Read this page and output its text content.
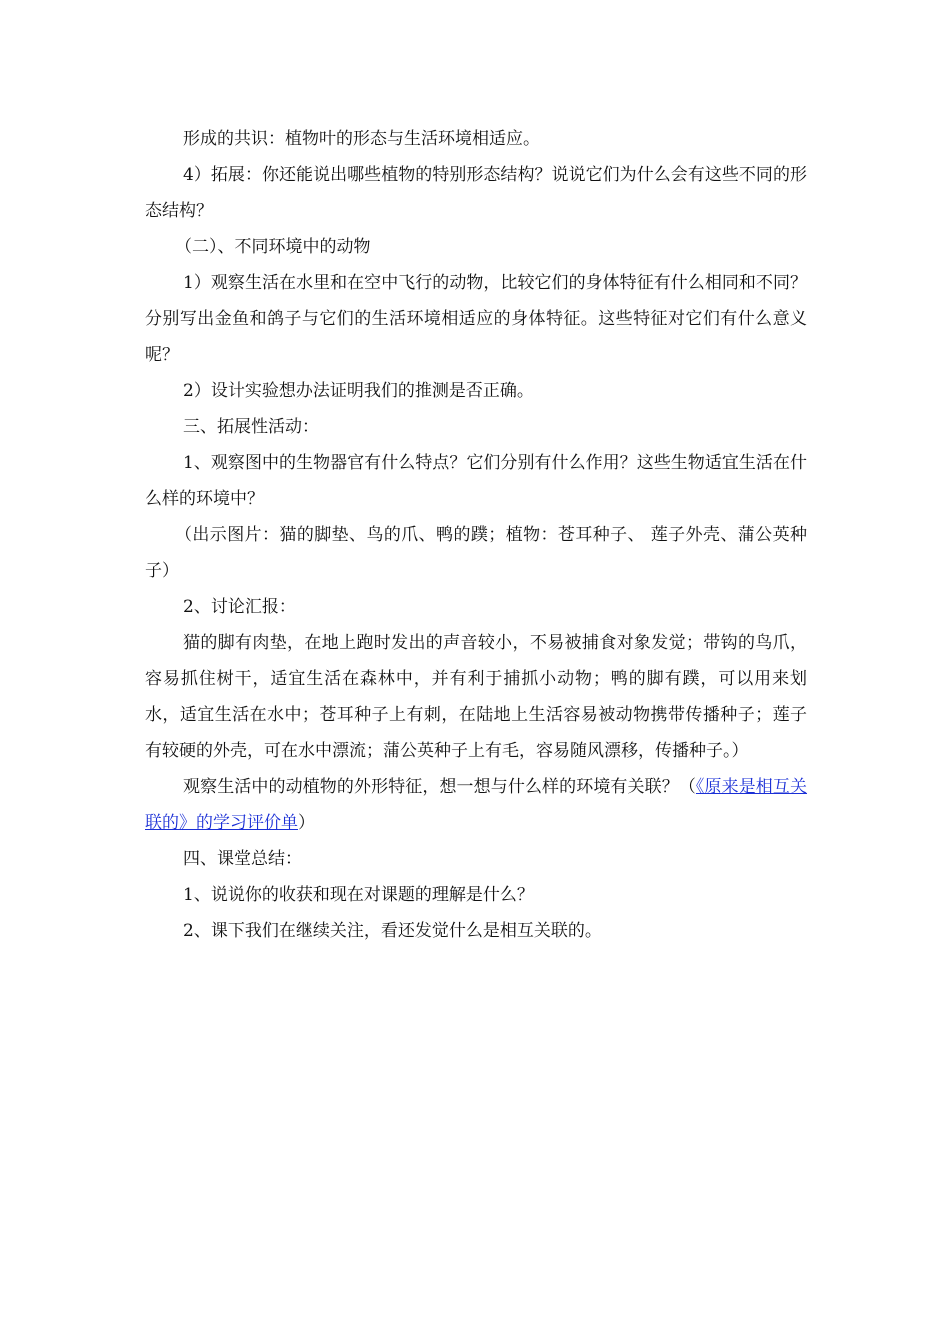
形成的共识：植物叶的形态与生活环境相适应。

4）拓展：你还能说出哪些植物的特别形态结构？说说它们为什么会有这些不同的形态结构？

（二）、不同环境中的动物

1）观察生活在水里和在空中飞行的动物，比较它们的身体特征有什么相同和不同？分别写出金鱼和鸽子与它们的生活环境相适应的身体特征。这些特征对它们有什么意义呢？

2）设计实验想办法证明我们的推测是否正确。

三、拓展性活动：

1、观察图中的生物器官有什么特点？它们分别有什么作用？这些生物适宜生活在什么样的环境中？

（出示图片：猫的脚垫、鸟的爪、鸭的蹼；植物：苍耳种子、 莲子外壳、蒲公英种子）

2、讨论汇报：

猫的脚有肉垫，在地上跑时发出的声音较小，不易被捕食对象发觉；带钩的鸟爪，容易抓住树干，适宜生活在森林中，并有利于捕抓小动物；鸭的脚有蹼，可以用来划水，适宜生活在水中；苍耳种子上有刺，在陆地上生活容易被动物携带传播种子；莲子有较硬的外壳，可在水中漂流；蒲公英种子上有毛，容易随风漂移，传播种子。）

观察生活中的动植物的外形特征，想一想与什么样的环境有关联？（《原来是相互关联的》的学习评价单）

四、课堂总结：

1、说说你的收获和现在对课题的理解是什么？

2、课下我们在继续关注，看还发觉什么是相互关联的。
